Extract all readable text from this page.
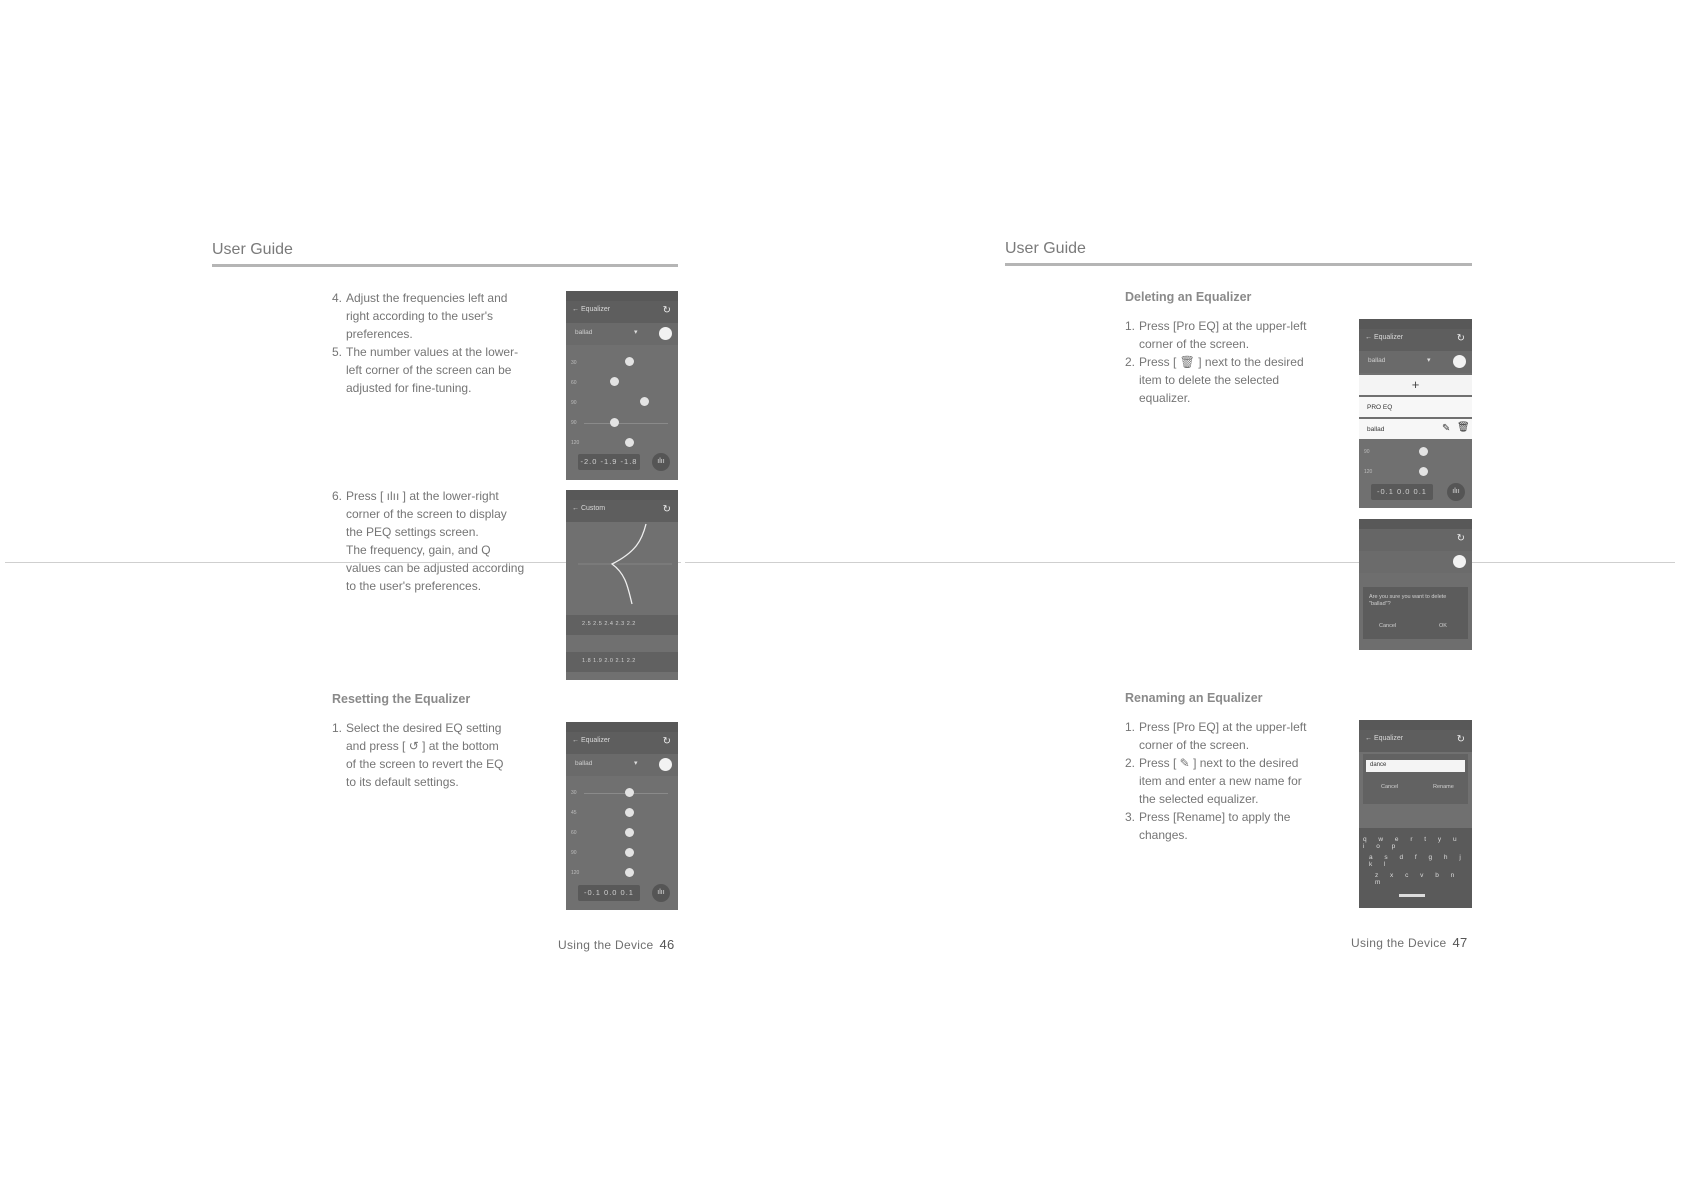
User Guide
4. Adjust the frequencies left and
right according to the user's
preferences.
5. The number values at the lower-
left corner of the screen can be
adjusted for fine-tuning.
6. Press [ ılıı ] at the lower-right
corner of the screen to display
the PEQ settings screen.
The frequency, gain, and Q
values can be adjusted according
to the user's preferences.
Resetting the Equalizer
1. Select the desired EQ setting
and press [ ↺ ] at the bottom
of the screen to revert the EQ
to its default settings.
← Equalizer	↻
ballad	▾
30
60
90
90
120
-2.0 -1.9 -1.8	ılıı
← Custom	↻
2.5 2.5 2.4 2.3 2.2
1.8 1.9 2.0 2.1 2.2
← Equalizer	↻
ballad	▾
30
45
60
90
120
-0.1 0.0 0.1	ılıı
Using the Device 46
User Guide
Deleting an Equalizer
1. Press [Pro EQ] at the upper-left
corner of the screen.
2. Press [ 🗑 ] next to the desired
item to delete the selected
equalizer.
Renaming an Equalizer
1. Press [Pro EQ] at the upper-left
corner of the screen.
2. Press [ ✎ ] next to the desired
item and enter a new name for
the selected equalizer.
3. Press [Rename] to apply the
changes.
← Equalizer	↻
ballad	▾
+
PRO EQ
ballad	✎ 🗑
90
120
-0.1 0.0 0.1	ılıı
↻
Are you sure you want to delete "ballad"?
Cancel	OK
← Equalizer	↻
dance
Cancel	Rename
q w e r t y u i o p
a s d f g h j k l
z x c v b n m
Using the Device 47
